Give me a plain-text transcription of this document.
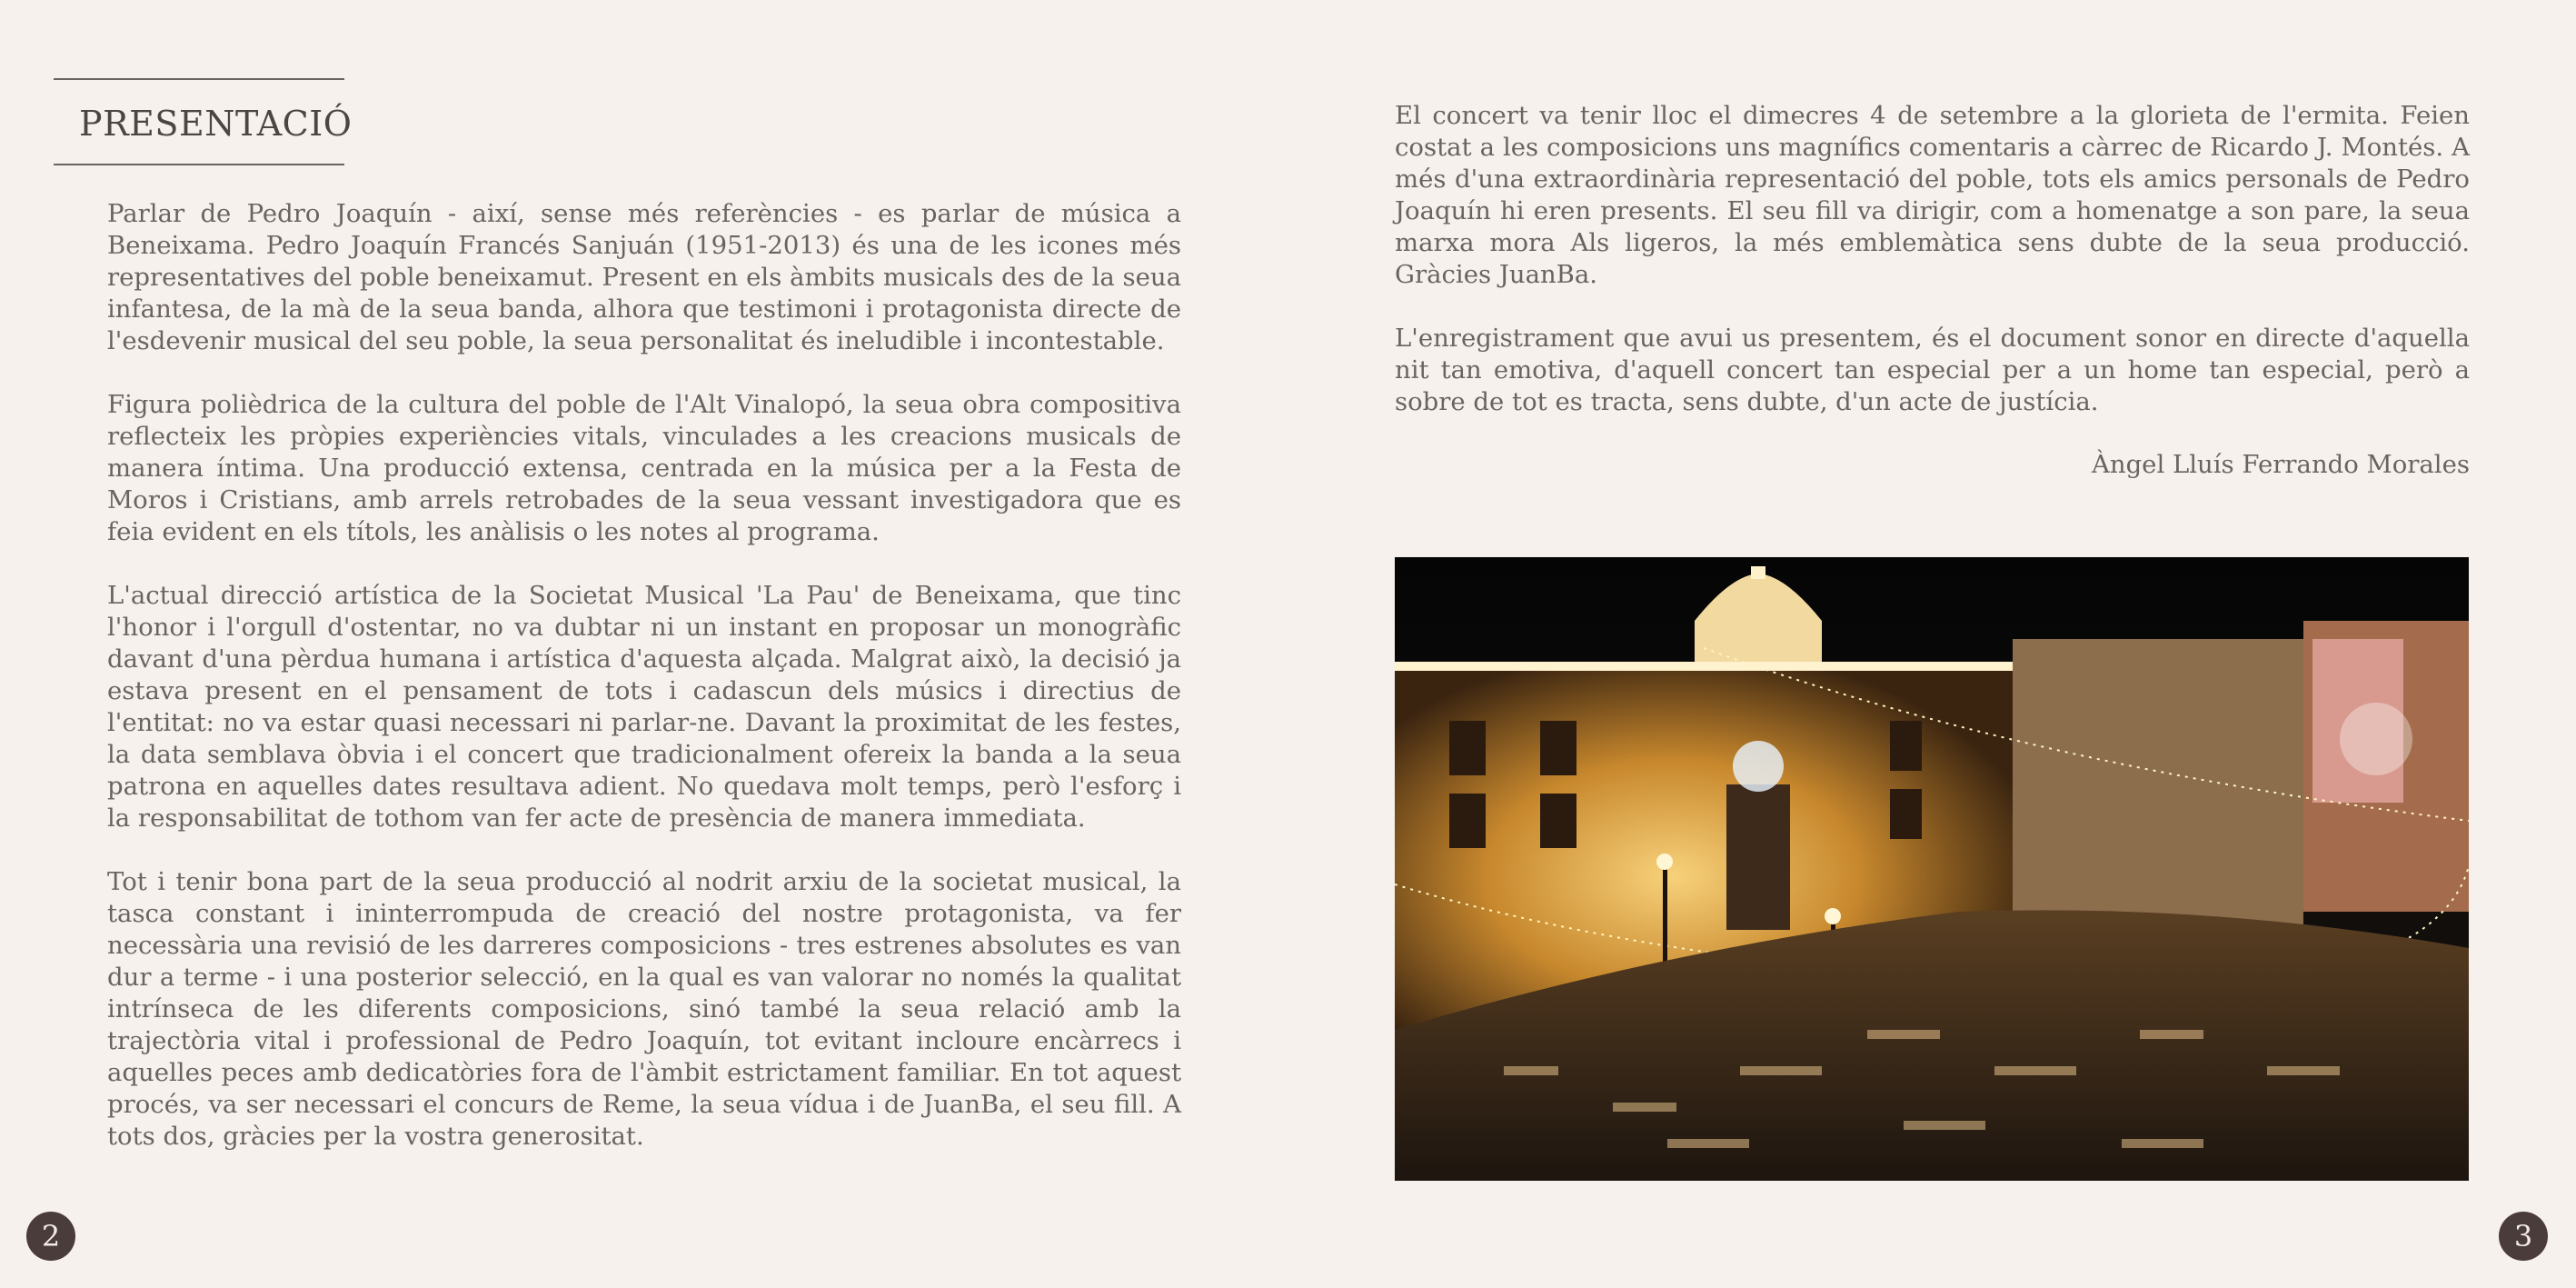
PRESENTACIÓ

Parlar de Pedro Joaquín - així, sense més referències - es parlar de música a Beneixama. Pedro Joaquín Francés Sanjuán (1951-2013) és una de les icones més representatives del poble beneixamut. Present en els àmbits musicals des de la seua infantesa, de la mà de la seua banda, alhora que testimoni i protagonista directe de l'esdevenir musical del seu poble, la seua personalitat és ineludible i incontestable.

Figura polièdrica de la cultura del poble de l'Alt Vinalopó, la seua obra compositiva reflecteix les pròpies experiències vitals, vinculades a les creacions musicals de manera íntima. Una producció extensa, centrada en la música per a la Festa de Moros i Cristians, amb arrels retrobades de la seua vessant investigadora que es feia evident en els títols, les anàlisis o les notes al programa.

L'actual direcció artística de la Societat Musical 'La Pau' de Beneixama, que tinc l'honor i l'orgull d'ostentar, no va dubtar ni un instant en proposar un monogràfic davant d'una pèrdua humana i artística d'aquesta alçada. Malgrat això, la decisió ja estava present en el pensament de tots i cadascun dels músics i directius de l'entitat: no va estar quasi necessari ni parlar-ne. Davant la proximitat de les festes, la data semblava òbvia i el concert que tradicionalment ofereix la banda a la seua patrona en aquelles dates resultava adient. No quedava molt temps, però l'esforç i la responsabilitat de tothom van fer acte de presència de manera immediata.

Tot i tenir bona part de la seua producció al nodrit arxiu de la societat musical, la tasca constant i ininterrompuda de creació del nostre protagonista, va fer necessària una revisió de les darreres composicions - tres estrenes absolutes es van dur a terme - i una posterior selecció, en la qual es van valorar no només la qualitat intrínseca de les diferents composicions, sinó també la seua relació amb la trajectòria vital i professional de Pedro Joaquín, tot evitant incloure encàrrecs i aquelles peces amb dedicatòries fora de l'àmbit estrictament familiar. En tot aquest procés, va ser necessari el concurs de Reme, la seua vídua i de JuanBa, el seu fill. A tots dos, gràcies per la vostra generositat.

2

El concert va tenir lloc el dimecres 4 de setembre a la glorieta de l'ermita. Feien costat a les composicions uns magnífics comentaris a càrrec de Ricardo J. Montés. A més d'una extraordinària representació del poble, tots els amics personals de Pedro Joaquín hi eren presents. El seu fill va dirigir, com a homenatge a son pare, la seua marxa mora Als ligeros, la més emblemàtica sens dubte de la seua producció. Gràcies JuanBa.

L'enregistrament que avui us presentem, és el document sonor en directe d'aquella nit tan emotiva, d'aquell concert tan especial per a un home tan especial, però a sobre de tot es tracta, sens dubte, d'un acte de justícia.

Àngel Lluís Ferrando Morales
3
